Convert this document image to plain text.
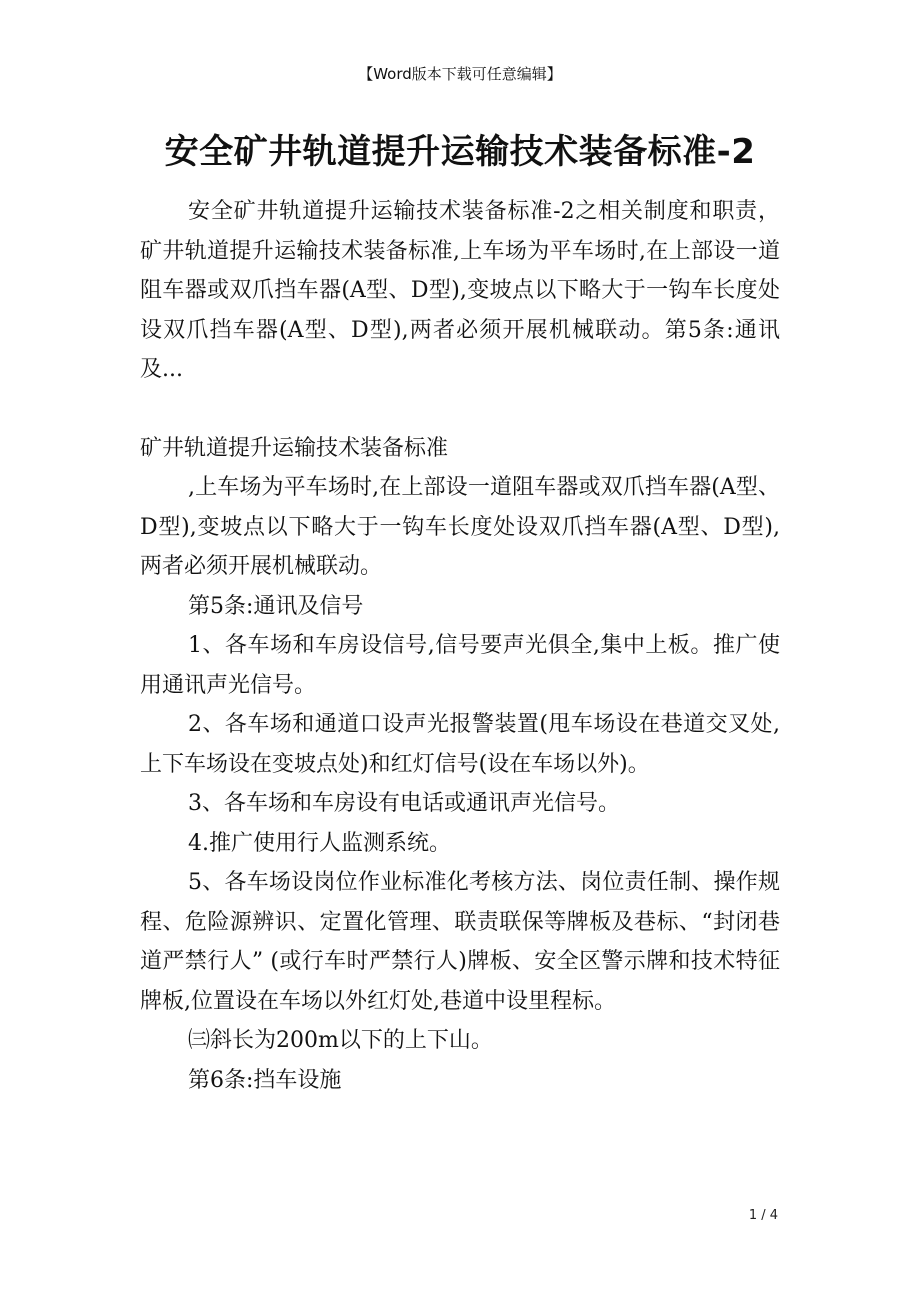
【Word版本下载可任意编辑】
安全矿井轨道提升运输技术装备标准-2

安全矿井轨道提升运输技术装备标准-2之相关制度和职责，矿井轨道提升运输技术装备标准,上车场为平车场时,在上部设一道阻车器或双爪挡车器(A型、D型),变坡点以下略大于一钩车长度处设双爪挡车器(A型、D型),两者必须开展机械联动。第5条:通讯及...

矿井轨道提升运输技术装备标准

,上车场为平车场时,在上部设一道阻车器或双爪挡车器(A型、D型),变坡点以下略大于一钩车长度处设双爪挡车器(A型、D型),两者必须开展机械联动。

第5条:通讯及信号

1、各车场和车房设信号,信号要声光俱全,集中上板。推广使用通讯声光信号。

2、各车场和通道口设声光报警装置(甩车场设在巷道交叉处,上下车场设在变坡点处)和红灯信号(设在车场以外)。

3、各车场和车房设有电话或通讯声光信号。

4.推广使用行人监测系统。

5、各车场设岗位作业标准化考核方法、岗位责任制、操作规程、危险源辨识、定置化管理、联责联保等牌板及巷标、“封闭巷道严禁行人” (或行车时严禁行人)牌板、安全区警示牌和技术特征牌板,位置设在车场以外红灯处,巷道中设里程标。

㈢斜长为200m以下的上下山。

第6条:挡车设施

1 / 4
